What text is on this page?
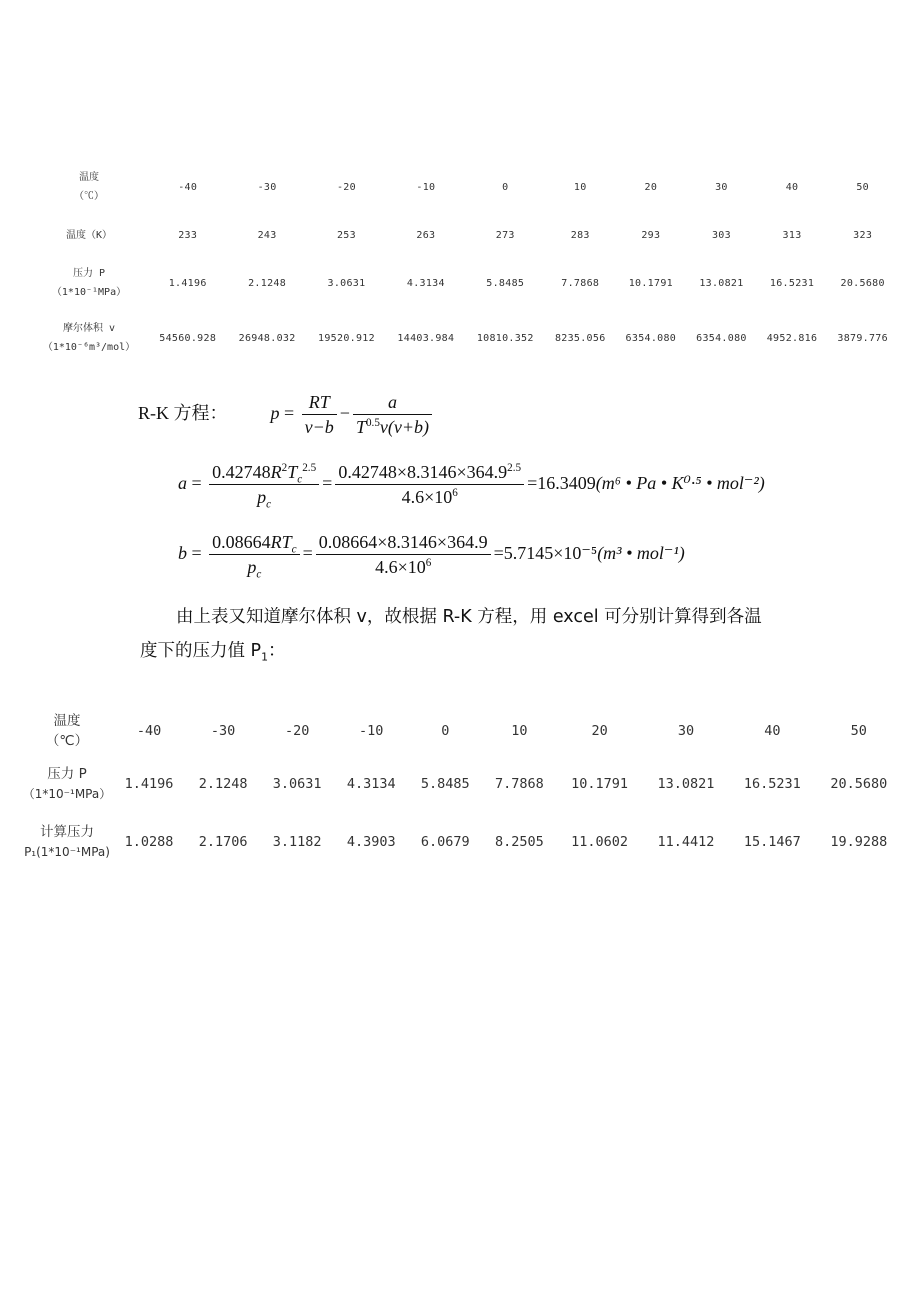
温度
（℃）	-40	-30	-20	-10	0	10	20	30	40	50

温度（K）	233	243	253	263	273	283	293	303	313	323

压力 P
（1*10⁻¹MPa）	1.4196	2.1248	3.0631	4.3134	5.8485	7.7868	10.1791	13.0821	16.5231	20.5680

摩尔体积 v
（1*10⁻⁶m³/mol）	54560.928	26948.032	19520.912	14403.984	10810.352	8235.056	6354.080	6354.080	4952.816	3879.776
R-K 方程： $p = \frac{RT}{v-b} - \frac{a}{T^{0.5}v(v+b)}$
$a = \frac{0.42748R^2T_c^{2.5}}{p_c} = \frac{0.42748\times 8.3146\times 364.9^{2.5}}{4.6\times 10^6} =16.3409(m^6$ • Pa • K⁰·⁵ • mol⁻²)
$b = \frac{0.08664RT_c}{p_c} = \frac{0.08664\times 8.3146\times 364.9}{4.6\times 10^6} =5.7145\times 10^{-5}(m^3$ • mol⁻¹)
由上表又知道摩尔体积 v，故根据 R-K 方程，用 excel 可分别计算得到各温
度下的压力值 $P_1$：
温度
（℃）	-40	-30	-20	-10	0	10	20	30	40	50

压力 P
（1*10⁻¹MPa）	1.4196	2.1248	3.0631	4.3134	5.8485	7.7868	10.1791	13.0821	16.5231	20.5680

计算压力
P₁(1*10⁻¹MPa)	1.0288	2.1706	3.1182	4.3903	6.0679	8.2505	11.0602	11.4412	15.1467	19.9288
